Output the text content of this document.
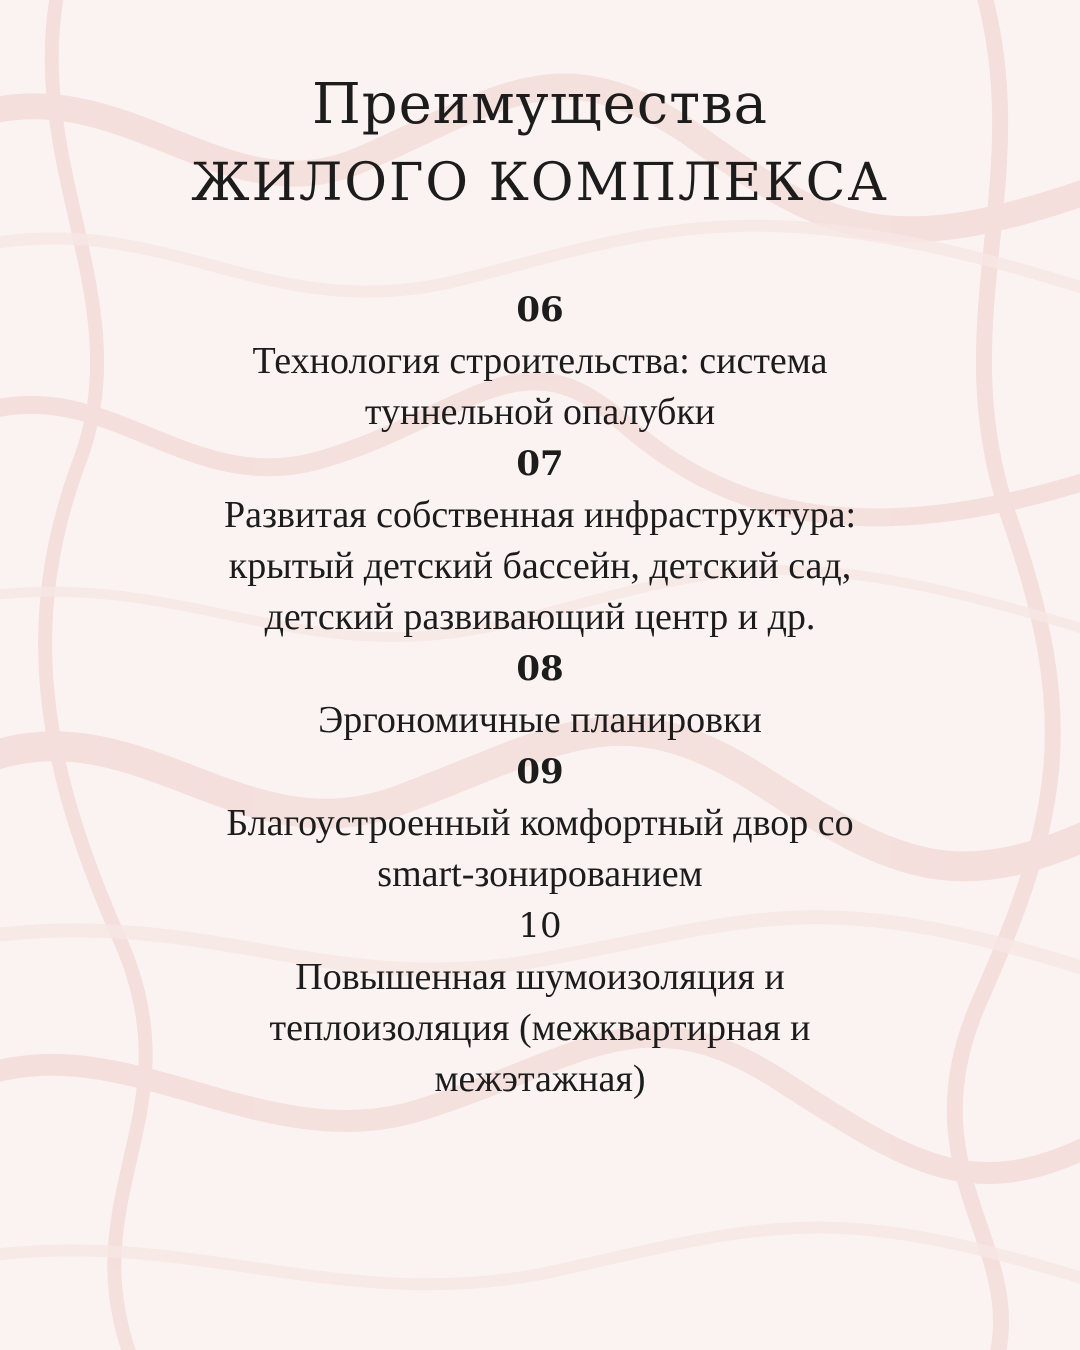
Преимущества
ЖИЛОГО КОМПЛЕКСА
06
Технология строительства: система
туннельной опалубки
07
Развитая собственная инфраструктура:
крытый детский бассейн, детский сад,
детский развивающий центр и др.
08
Эргономичные планировки
09
Благоустроенный комфортный двор со
smart-зонированием
10
Повышенная шумоизоляция и
теплоизоляция (межквартирная и
межэтажная)
